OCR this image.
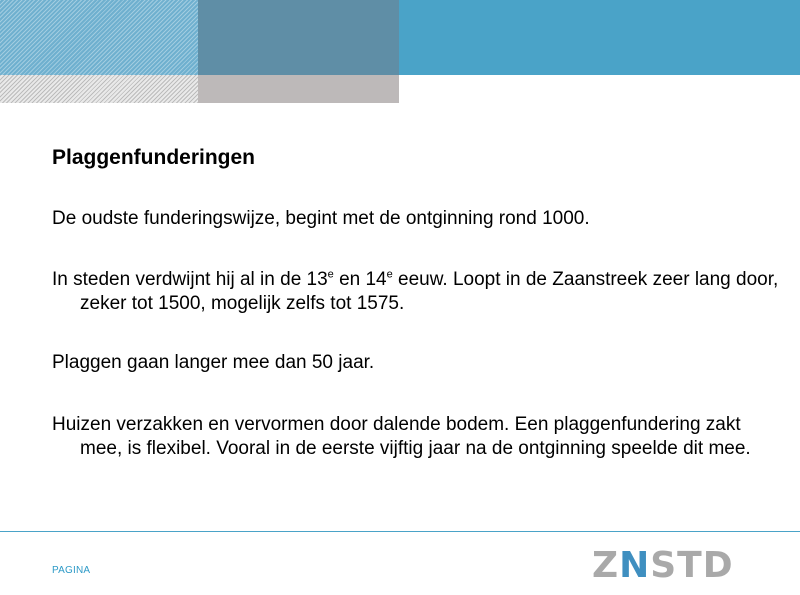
Plaggenfunderingen

De oudste funderingswijze, begint met de ontginning rond 1000.

In steden verdwijnt hij al in de 13e en 14e eeuw. Loopt in de Zaanstreek zeer lang door, zeker tot 1500, mogelijk zelfs tot 1575.

Plaggen gaan langer mee dan 50 jaar.

Huizen verzakken en vervormen door dalende bodem. Een plaggenfundering zakt mee, is flexibel. Vooral in de eerste vijftig jaar na de ontginning speelde dit mee.

PAGINA	ZNSTD
